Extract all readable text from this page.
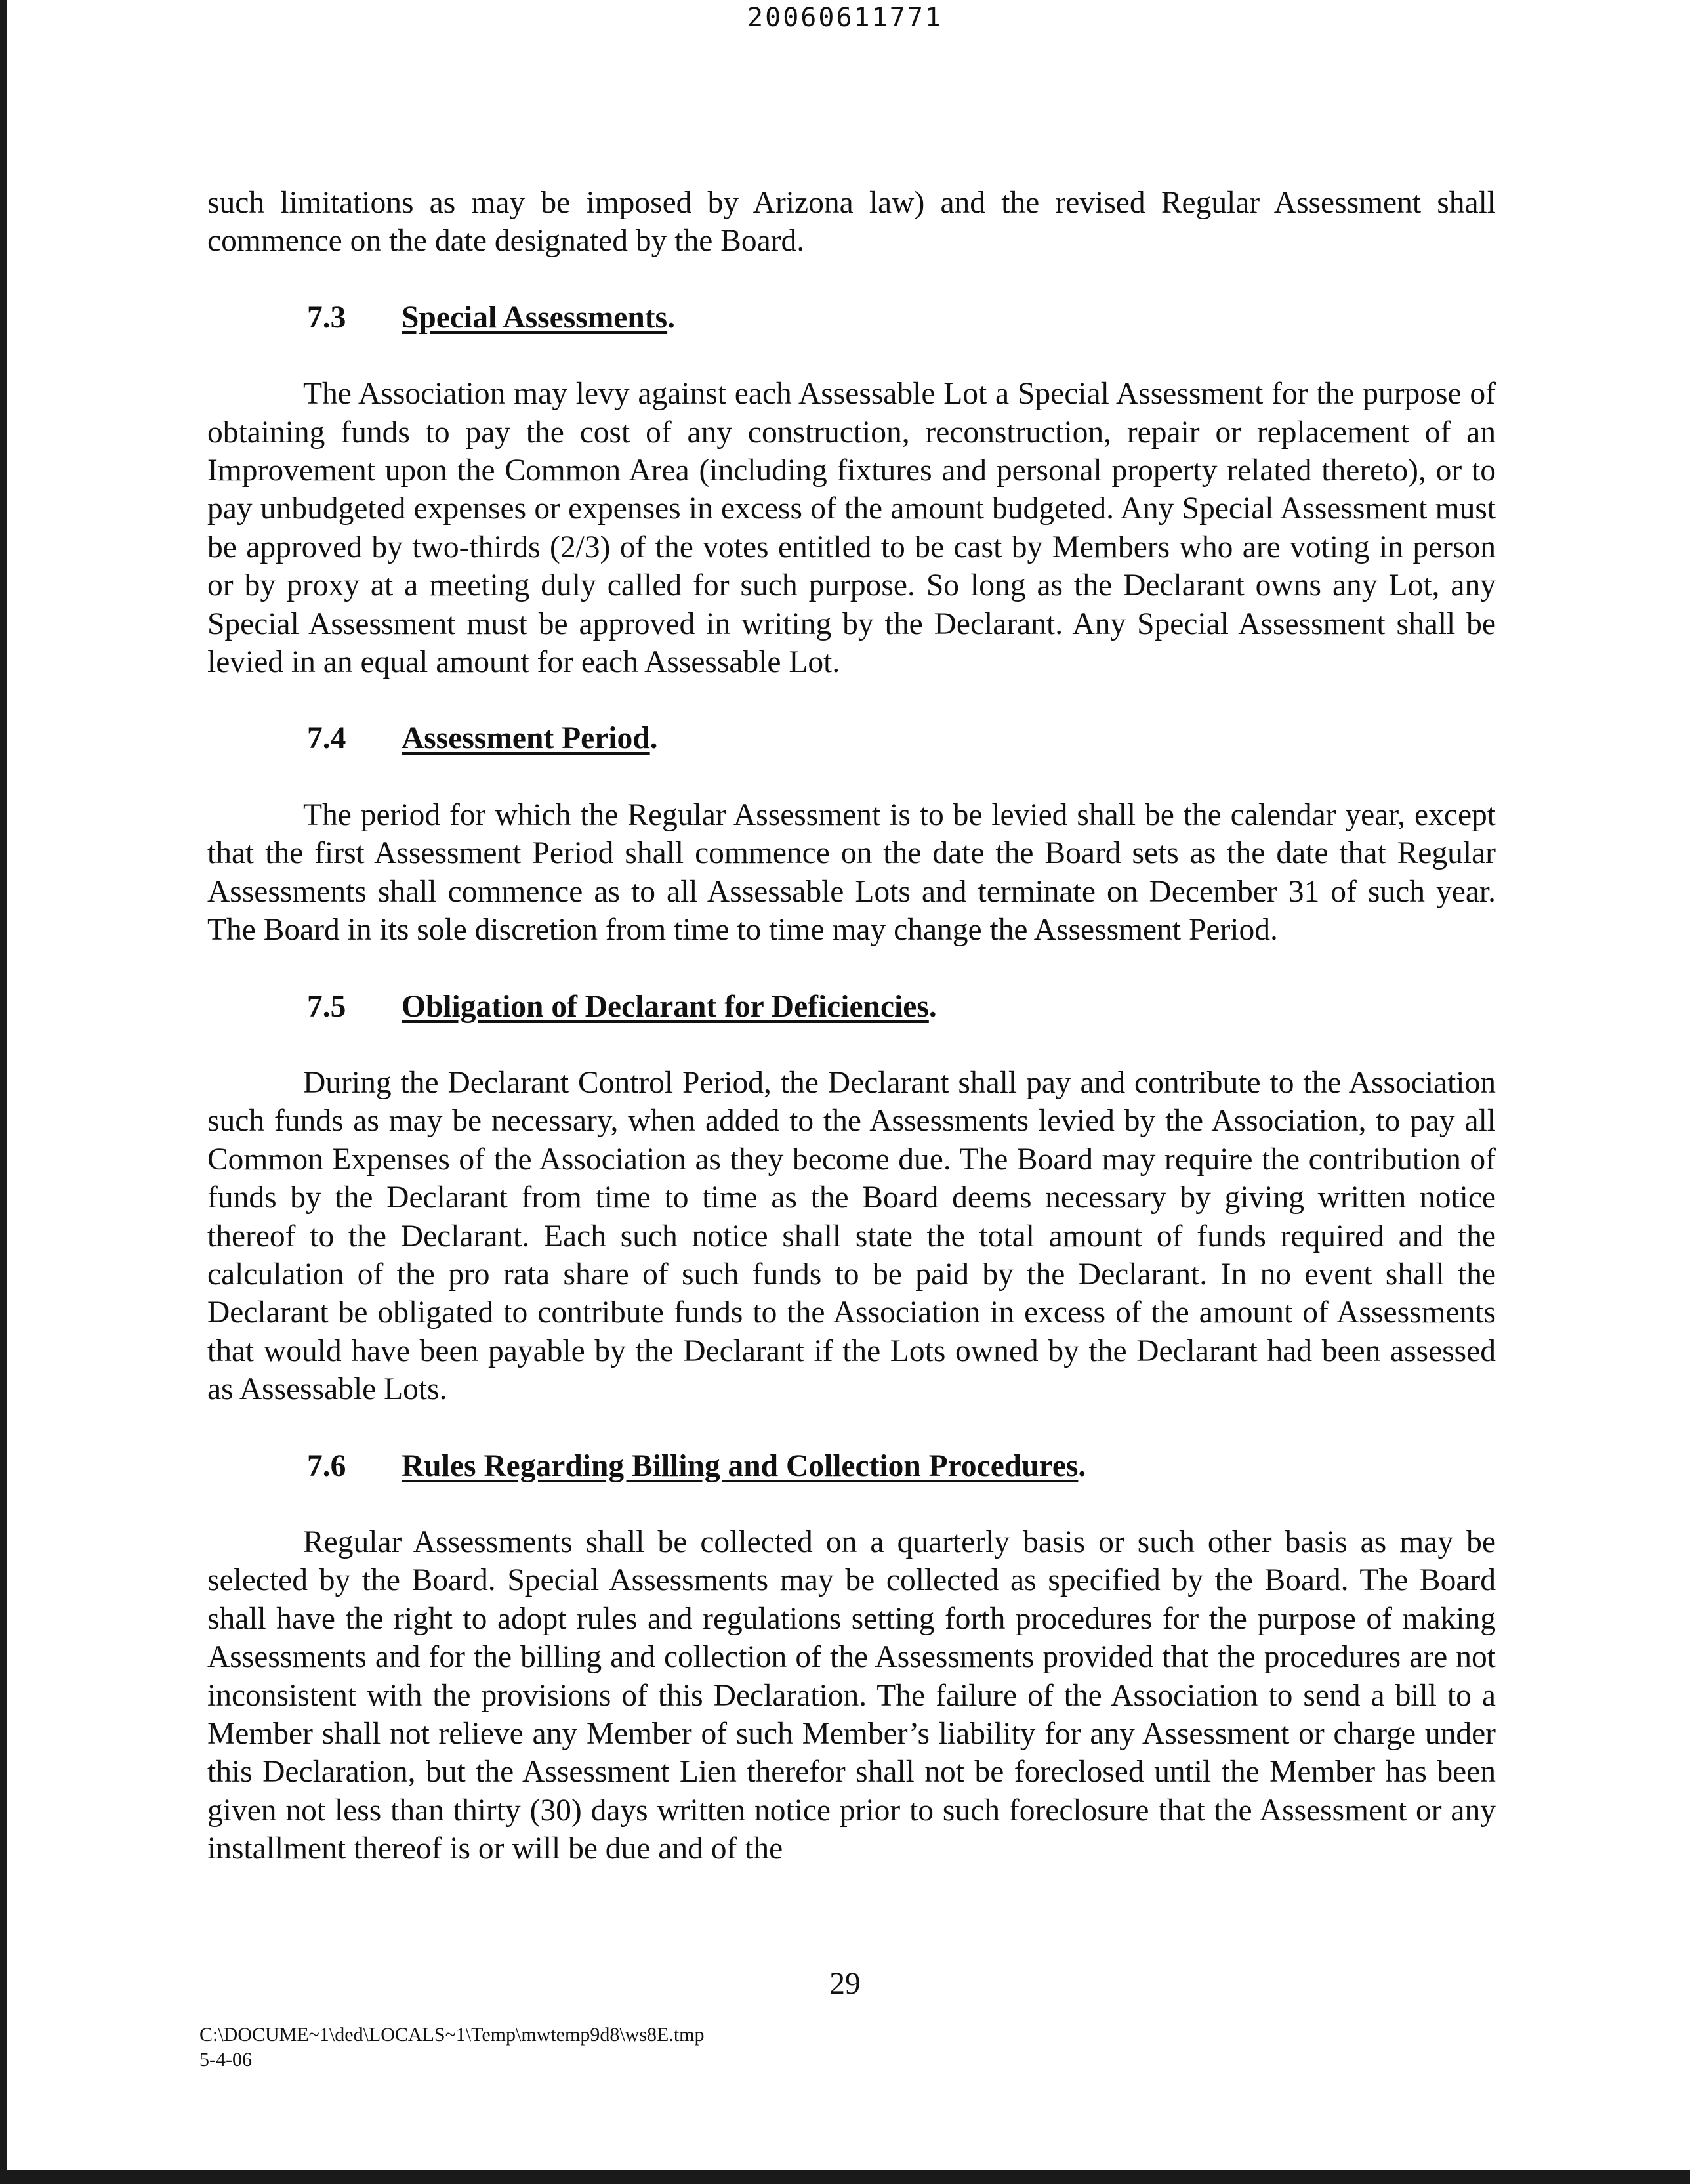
20060611771

such limitations as may be imposed by Arizona law) and the revised Regular Assessment shall commence on the date designated by the Board.

7.3 Special Assessments.

The Association may levy against each Assessable Lot a Special Assessment for the purpose of obtaining funds to pay the cost of any construction, reconstruction, repair or replacement of an Improvement upon the Common Area (including fixtures and personal property related thereto), or to pay unbudgeted expenses or expenses in excess of the amount budgeted. Any Special Assessment must be approved by two-thirds (2/3) of the votes entitled to be cast by Members who are voting in person or by proxy at a meeting duly called for such purpose. So long as the Declarant owns any Lot, any Special Assessment must be approved in writing by the Declarant. Any Special Assessment shall be levied in an equal amount for each Assessable Lot.

7.4 Assessment Period.

The period for which the Regular Assessment is to be levied shall be the calendar year, except that the first Assessment Period shall commence on the date the Board sets as the date that Regular Assessments shall commence as to all Assessable Lots and terminate on December 31 of such year. The Board in its sole discretion from time to time may change the Assessment Period.

7.5 Obligation of Declarant for Deficiencies.

During the Declarant Control Period, the Declarant shall pay and contribute to the Association such funds as may be necessary, when added to the Assessments levied by the Association, to pay all Common Expenses of the Association as they become due. The Board may require the contribution of funds by the Declarant from time to time as the Board deems necessary by giving written notice thereof to the Declarant. Each such notice shall state the total amount of funds required and the calculation of the pro rata share of such funds to be paid by the Declarant. In no event shall the Declarant be obligated to contribute funds to the Association in excess of the amount of Assessments that would have been payable by the Declarant if the Lots owned by the Declarant had been assessed as Assessable Lots.

7.6 Rules Regarding Billing and Collection Procedures.

Regular Assessments shall be collected on a quarterly basis or such other basis as may be selected by the Board. Special Assessments may be collected as specified by the Board. The Board shall have the right to adopt rules and regulations setting forth procedures for the purpose of making Assessments and for the billing and collection of the Assessments provided that the procedures are not inconsistent with the provisions of this Declaration. The failure of the Association to send a bill to a Member shall not relieve any Member of such Member’s liability for any Assessment or charge under this Declaration, but the Assessment Lien therefor shall not be foreclosed until the Member has been given not less than thirty (30) days written notice prior to such foreclosure that the Assessment or any installment thereof is or will be due and of the

29
C:\DOCUME~1\ded\LOCALS~1\Temp\mwtemp9d8\ws8E.tmp
5-4-06
